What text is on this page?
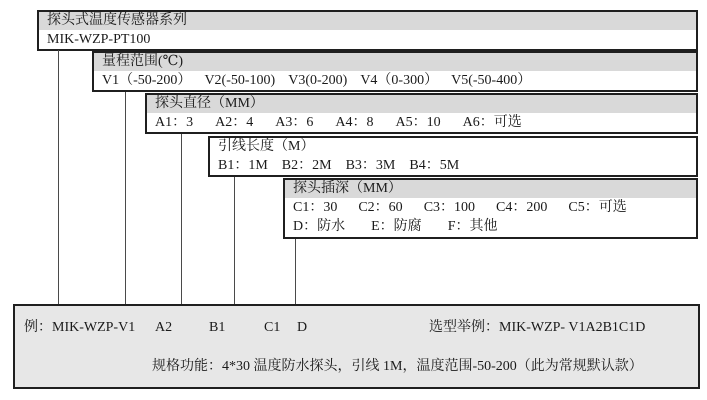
探头式温度传感器系列
MIK-WZP-PT100
量程范围(℃)
V1（-50-200） V2(-50-100) V3(0-200) V4（0-300） V5(-50-400）
探头直径（MM）
A1：3 A2：4 A3：6 A4：8 A5：10 A6：可选
引线长度（M）
B1：1M B2：2M B3：3M B4：5M
探头插深（MM）
C1：30 C2：60 C3：100 C4：200 C5：可选
D：防水 E：防腐 F：其他
例：MIK-WZP-V1 A2	B1	C1 D	选型举例：MIK-WZP- V1A2B1C1D
规格功能：4*30 温度防水探头，引线 1M，温度范围-50-200（此为常规默认款）
